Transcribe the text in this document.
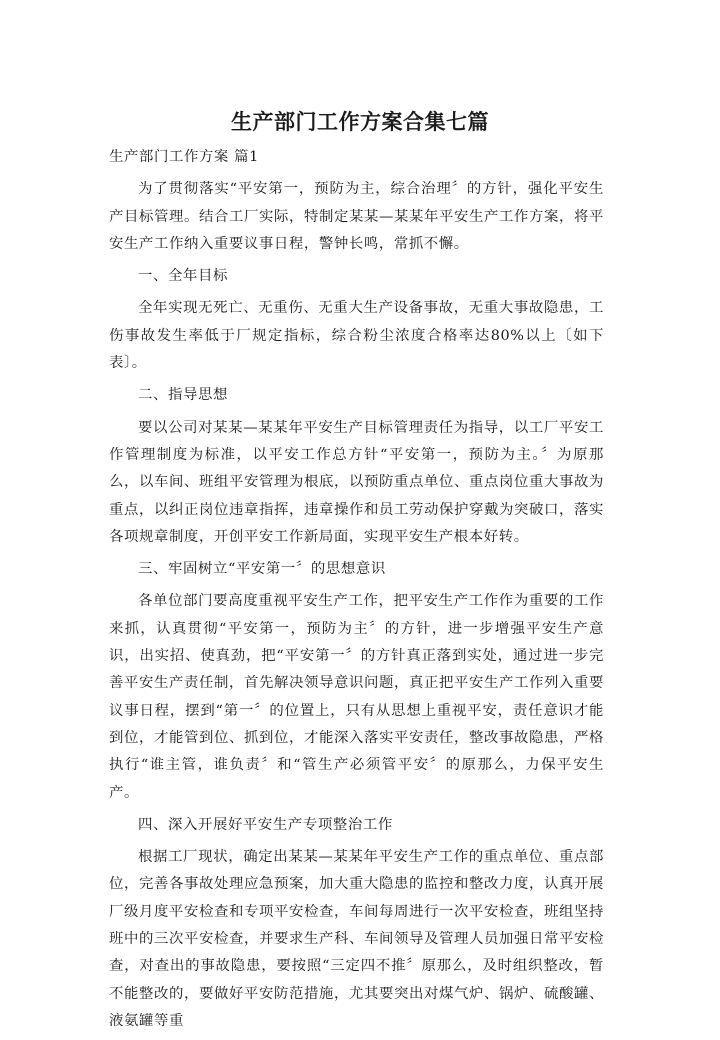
生产部门工作方案合集七篇

生产部门工作方案 篇1

为了贯彻落实“平安第一，预防为主，综合治理〞的方针，强化平安生产目标管理。结合工厂实际，特制定某某—某某年平安生产工作方案，将平安生产工作纳入重要议事日程，警钟长鸣，常抓不懈。

一、全年目标

全年实现无死亡、无重伤、无重大生产设备事故，无重大事故隐患，工伤事故发生率低于厂规定指标，综合粉尘浓度合格率达80%以上〔如下表〕。

二、指导思想

要以公司对某某—某某年平安生产目标管理责任为指导，以工厂平安工作管理制度为标准，以平安工作总方针“平安第一，预防为主。〞为原那么，以车间、班组平安管理为根底，以预防重点单位、重点岗位重大事故为重点，以纠正岗位违章指挥，违章操作和员工劳动保护穿戴为突破口，落实各项规章制度，开创平安工作新局面，实现平安生产根本好转。

三、牢固树立“平安第一〞的思想意识

各单位部门要高度重视平安生产工作，把平安生产工作作为重要的工作来抓，认真贯彻“平安第一，预防为主〞的方针，进一步增强平安生产意识，出实招、使真劲，把“平安第一〞的方针真正落到实处，通过进一步完善平安生产责任制，首先解决领导意识问题，真正把平安生产工作列入重要议事日程，摆到“第一〞的位置上，只有从思想上重视平安，责任意识才能到位，才能管到位、抓到位，才能深入落实平安责任，整改事故隐患，严格执行“谁主管，谁负责〞和“管生产必须管平安〞的原那么，力保平安生产。

四、深入开展好平安生产专项整治工作

根据工厂现状，确定出某某—某某年平安生产工作的重点单位、重点部位，完善各事故处理应急预案，加大重大隐患的监控和整改力度，认真开展厂级月度平安检查和专项平安检查，车间每周进行一次平安检查，班组坚持班中的三次平安检查，并要求生产科、车间领导及管理人员加强日常平安检查，对查出的事故隐患，要按照“三定四不推〞原那么，及时组织整改，暂不能整改的，要做好平安防范措施，尤其要突出对煤气炉、锅炉、硫酸罐、液氨罐等重
